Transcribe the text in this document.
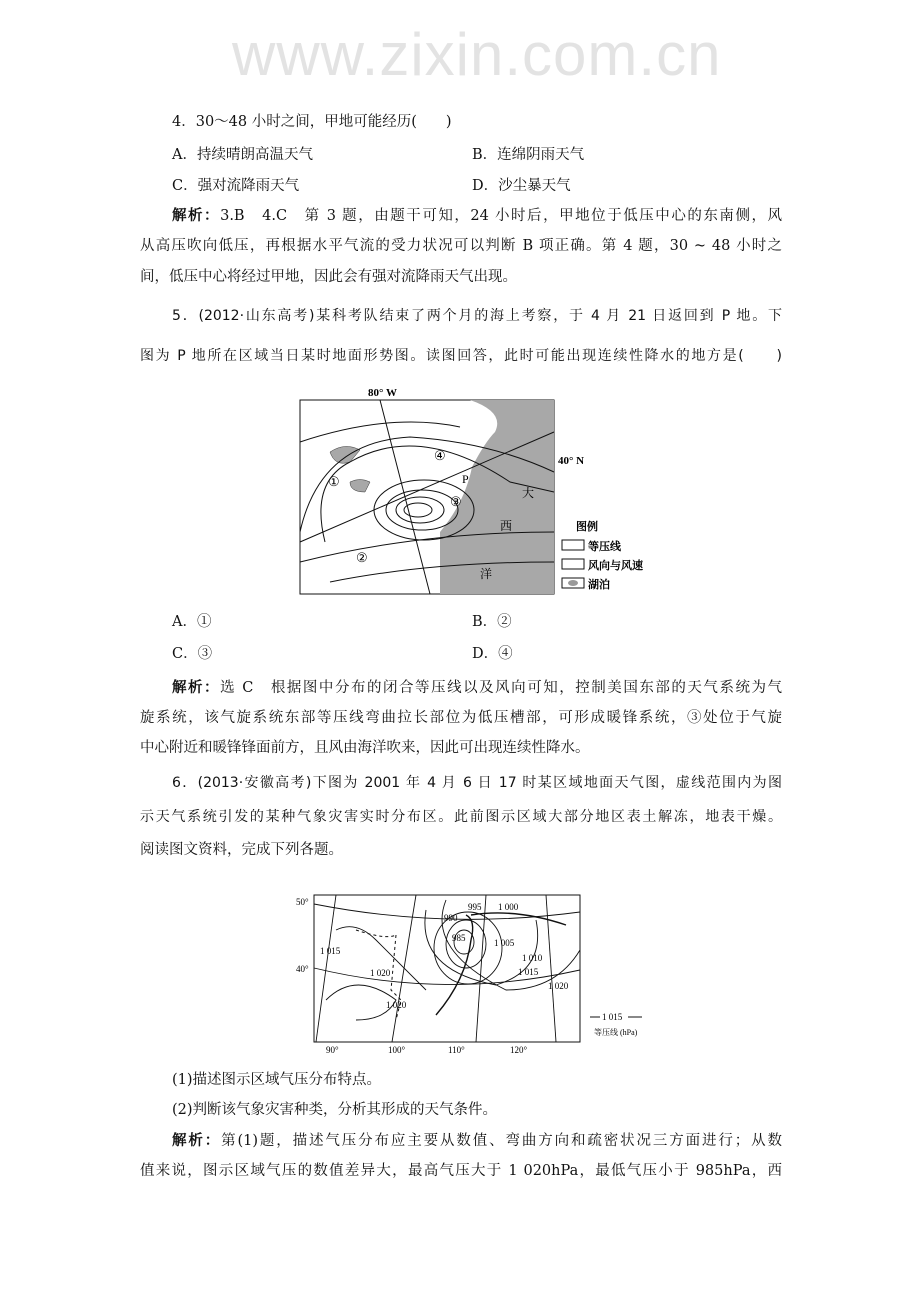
www.zixin.com.cn
4．30～48 小时之间，甲地可能经历(　　)
A．持续晴朗高温天气	B．连绵阴雨天气
C．强对流降雨天气	D．沙尘暴天气
解析：3.B　4.C　第 3 题，由题干可知，24 小时后，甲地位于低压中心的东南侧，风
从高压吹向低压，再根据水平气流的受力状况可以判断 B 项正确。第 4 题，30 ~ 48 小时之
间，低压中心将经过甲地，因此会有强对流降雨天气出现。
5．(2012·山东高考)某科考队结束了两个月的海上考察，于 4 月 21 日返回到 P 地。下
图为 P 地所在区域当日某时地面形势图。读图回答，此时可能出现连续性降水的地方是(　　)
80° W
40° N
P
①
②
③
④
大
西
洋
图例
等压线
风向与风速
湖泊
A．①	B．②
C．③	D．④
解析：选 C　根据图中分布的闭合等压线以及风向可知，控制美国东部的天气系统为气
旋系统，该气旋系统东部等压线弯曲拉长部位为低压槽部，可形成暖锋系统，③处位于气旋
中心附近和暖锋锋面前方，且风由海洋吹来，因此可出现连续性降水。
6．(2013·安徽高考)下图为 2001 年 4 月 6 日 17 时某区域地面天气图，虚线范围内为图
示天气系统引发的某种气象灾害实时分布区。此前图示区域大部分地区表土解冻，地表干燥。
阅读图文资料，完成下列各题。
50°
40°
90°	100°	110°	120°
990
995 1 000
985	1 005
1 010
1 015
1 020
1 020	1 015
1 020
1 015
等压线 (hPa)
(1)描述图示区域气压分布特点。
(2)判断该气象灾害种类，分析其形成的天气条件。
解析：第(1)题，描述气压分布应主要从数值、弯曲方向和疏密状况三方面进行；从数
值来说，图示区域气压的数值差异大，最高气压大于 1 020hPa，最低气压小于 985hPa，西
